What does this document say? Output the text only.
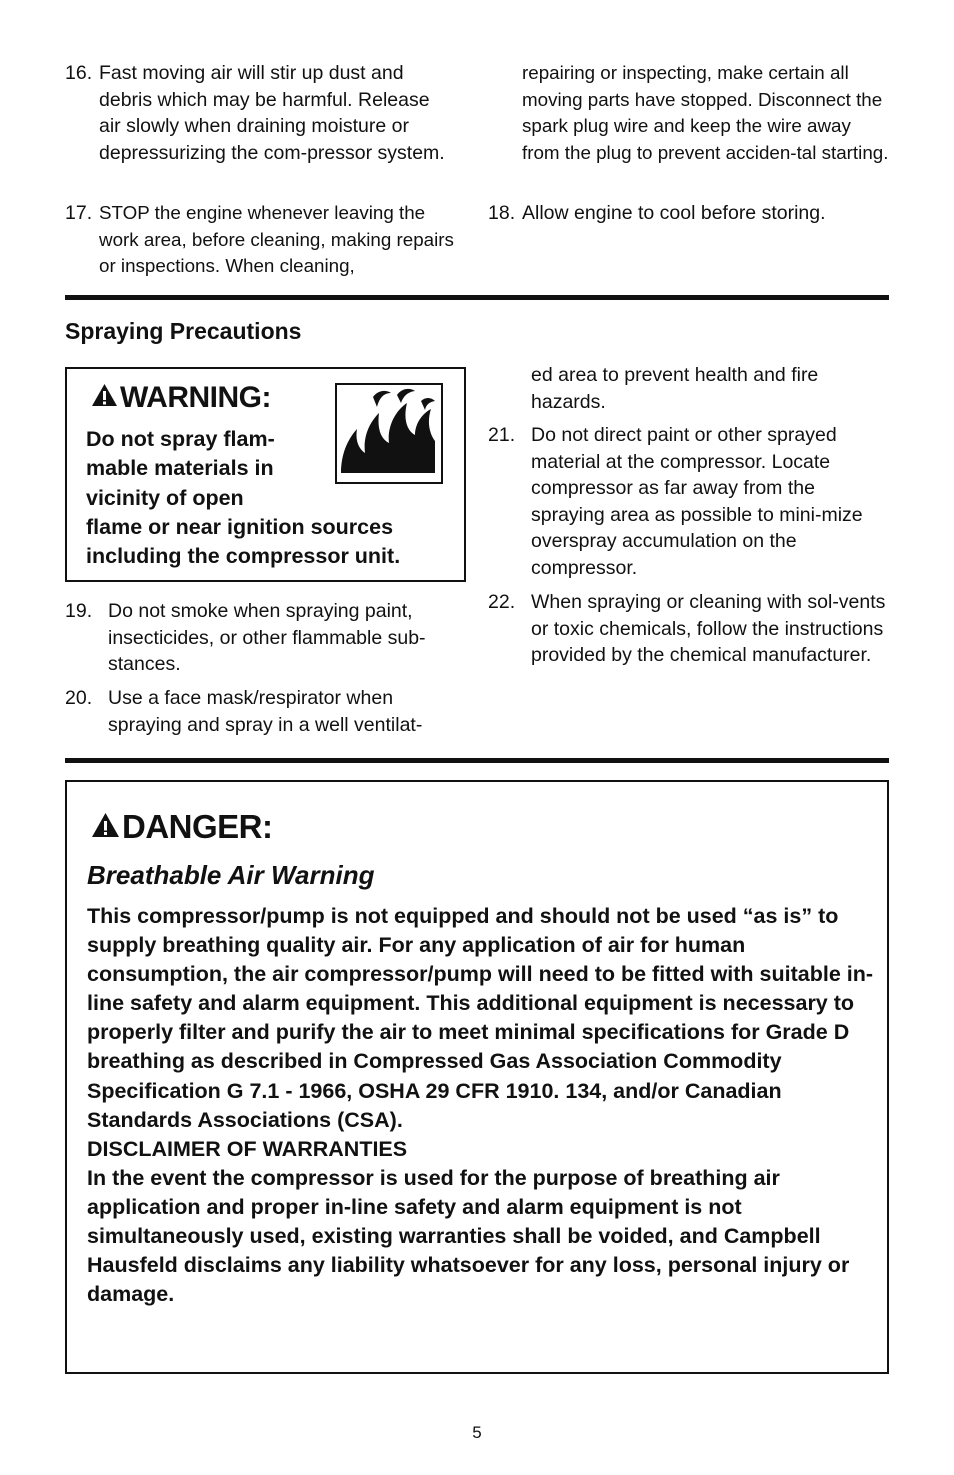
16. Fast moving air will stir up dust and debris which may be harmful. Release air slowly when draining moisture or depressurizing the com-pressor system.
17. STOP the engine whenever leaving the work area, before cleaning, making repairs or inspections. When cleaning,
repairing or inspecting, make certain all moving parts have stopped. Disconnect the spark plug wire and keep the wire away from the plug to prevent acciden-tal starting.
18. Allow engine to cool before storing.
Spraying Precautions
WARNING:
Do not spray flam-
mable materials in
vicinity of open
flame or near ignition sources
including the compressor unit.
19. Do not smoke when spraying paint, insecticides, or other flammable sub-stances.
20. Use a face mask/respirator when spraying and spray in a well ventilat-
ed area to prevent health and fire hazards.
21. Do not direct paint or other sprayed material at the compressor. Locate compressor as far away from the spraying area as possible to mini-mize overspray accumulation on the compressor.
22. When spraying or cleaning with sol-vents or toxic chemicals, follow the instructions provided by the chemical manufacturer.
DANGER:
Breathable Air Warning
This compressor/pump is not equipped and should not be used “as is” to supply breathing quality air. For any application of air for human consumption, the air compressor/pump will need to be fitted with suitable in-line safety and alarm equipment. This additional equipment is necessary to properly filter and purify the air to meet minimal specifications for Grade D breathing as described in Compressed Gas Association Commodity Specification G 7.1 - 1966, OSHA 29 CFR 1910. 134, and/or Canadian Standards Associations (CSA).
DISCLAIMER OF WARRANTIES
In the event the compressor is used for the purpose of breathing air application and proper in-line safety and alarm equipment is not simultaneously used, existing warranties shall be voided, and Campbell Hausfeld disclaims any liability whatsoever for any loss, personal injury or damage.
5
